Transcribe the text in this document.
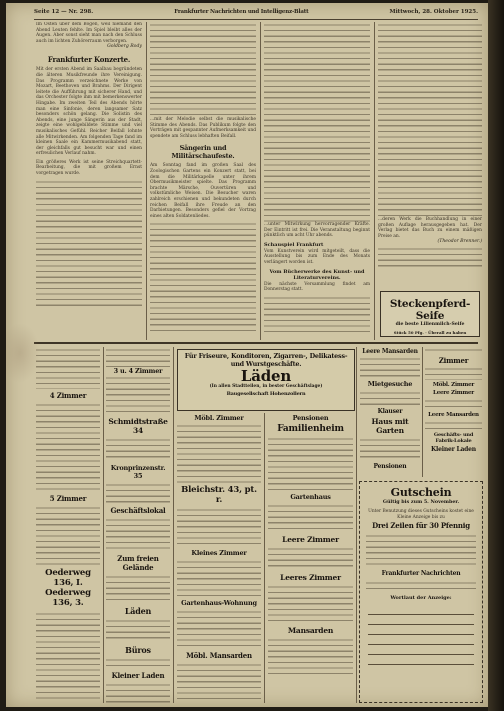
Seite 12 — Nr. 298.	Frankfurter Nachrichten und Intelligenz-Blatt	Mittwoch, 28. Oktober 1925.
Im Osten über dem Bogen, weil niemand den Abend Leuten fehlte. Im Spiel bleibt alles der Augen. Aber sonst sieht man nach den Schluss auch im lichten Zuhörerraum verborgen.
Goldberg Rody
Frankfurter Konzerte.
Mit der ersten Abend im Saalbau begründeten die älteren Musikfreunde ihre Vereinigung. Das Programm verzeichnete Werke von Mozart, Beethoven und Brahms. Der Dirigent leitete die Aufführung mit sicherer Hand, und das Orchester folgte ihm mit bemerkenswerter Hingabe. Im zweiten Teil des Abends hörte man eine Sinfonie, deren langsamer Satz besonders schön gelang. Die Solistin des Abends, eine junge Sängerin aus der Stadt, zeigte eine wohlgebildete Stimme und viel musikalisches Gefühl. Reicher Beifall lohnte alle Mitwirkenden. Am folgenden Tage fand im kleinen Saale ein Kammermusikabend statt, der gleichfalls gut besucht war und einen erfreulichen Verlauf nahm.
Ein größeres Werk ist seine Streichquartett-Bearbeitung, die mit großem Ernst vorgetragen wurde.
...mit der Melodie selbst die musikalische Stimme des Abends. Das Publikum folgte den Vorträgen mit gespannter Aufmerksamkeit und spendete am Schluss lebhaften Beifall.
Sängerin und Militärschaufeste.
Am Sonntag fand im großen Saal des Zoologischen Gartens ein Konzert statt, bei dem die Militärkapelle unter ihrem Obermusikmeister spielte. Das Programm brachte Märsche, Ouvertüren und volkstümliche Weisen. Die Besucher waren zahlreich erschienen und bekundeten durch reichen Beifall ihre Freude an den Darbietungen. Besonders gefiel der Vortrag eines alten Soldatenliedes.
...unter Mitwirkung hervorragender Kräfte. Der Eintritt ist frei. Die Veranstaltung beginnt pünktlich um acht Uhr abends.
Schauspiel Frankfurt
Vom Kunstverein wird mitgeteilt, dass die Ausstellung bis zum Ende des Monats verlängert worden ist.
Vom Bücherwerke des Kunst- und Literaturvereins.
Die nächste Versammlung findet am Donnerstag statt.
...deren Werk die Buchhandlung in einer großen Auflage herausgegeben hat. Der Verlag bietet das Buch zu einem mäßigen Preise an.
(Theodor Brenner.)
Steckenpferd-Seife
die beste Lilienmilch-Seife
Stück 50 Pfg. · Überall zu haben
4 Zimmer
5 Zimmer
Oederweg 136, I. Oederweg 136, 3.
3 u. 4 Zimmer
Schmidtstraße 34
Kronprinzenstr. 35
Geschäftslokal
Zum freien Gelände
Läden
Büros
Kleiner Laden
Für Friseure, Konditoren, Zigarren-, Delikatess- und Wurstgeschäfte.
Läden
(In allen Stadtteilen, in bester Geschäftslage)
Baugesellschaft Hohenzollern
Möbl. Zimmer
Bleichstr. 43, pt. r.
Kleines Zimmer
Gartenhaus-Wohnung
Möbl. Mansarden
Pensionen
Familienheim
Gartenhaus
Leere Zimmer
Leeres Zimmer
Mansarden
Leere Mansarden
Mietgesuche
Klauser
Haus mit Garten
Pensionen
Zimmer
Möbl. Zimmer
Leere Zimmer
Leere Mansarden
Geschäfts- und Fabrik-Lokale
Kleiner Laden
Gutschein
Gültig bis zum 5. November.
Unter Benutzung dieses Gutscheins kostet eine Kleine Anzeige bis zu
Drei Zeilen für 30 Pfennig
Frankfurter Nachrichten
Wortlaut der Anzeige:
